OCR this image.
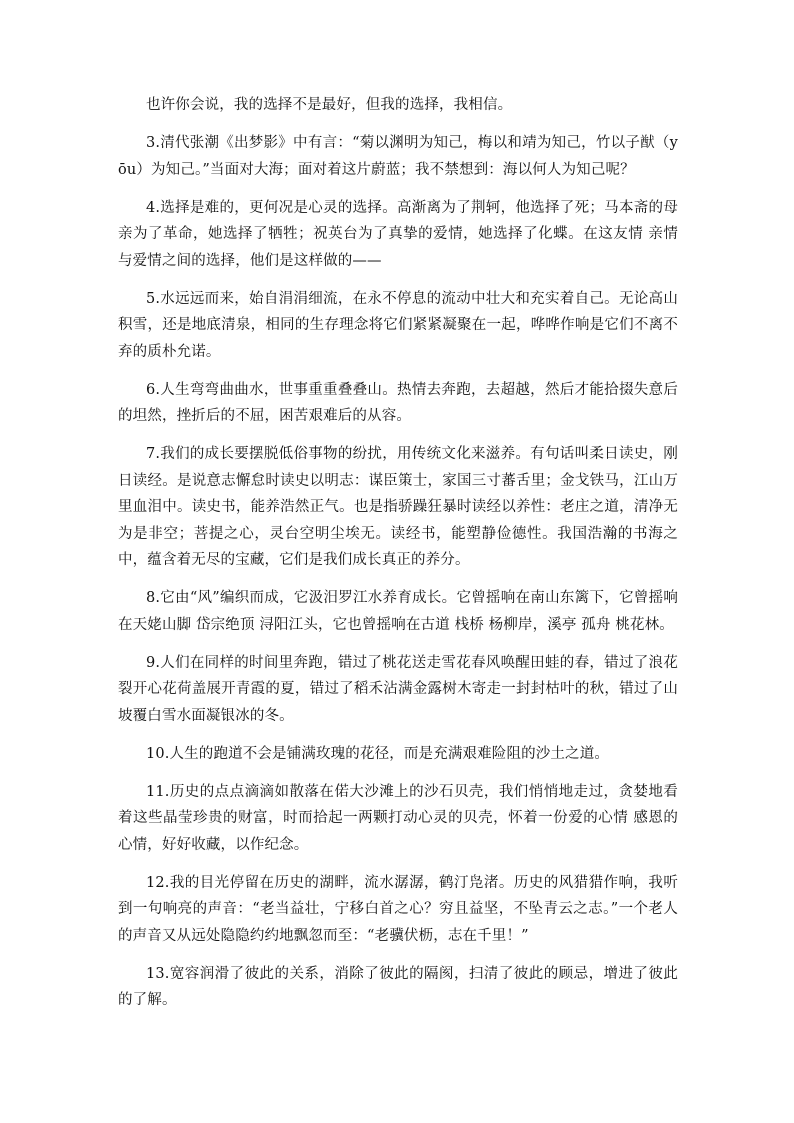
也许你会说，我的选择不是最好，但我的选择，我相信。

3.清代张潮《出梦影》中有言：“菊以渊明为知己，梅以和靖为知己，竹以子猷（yōu）为知己。”当面对大海；面对着这片蔚蓝；我不禁想到：海以何人为知己呢？

4.选择是难的，更何况是心灵的选择。高渐离为了荆轲，他选择了死；马本斋的母亲为了革命，她选择了牺牲；祝英台为了真挚的爱情，她选择了化蝶。在这友情 亲情与爱情之间的选择，他们是这样做的——

5.水远远而来，始自涓涓细流，在永不停息的流动中壮大和充实着自己。无论高山积雪，还是地底清泉，相同的生存理念将它们紧紧凝聚在一起，哗哗作响是它们不离不弃的质朴允诺。

6.人生弯弯曲曲水，世事重重叠叠山。热情去奔跑，去超越，然后才能拾掇失意后的坦然，挫折后的不屈，困苦艰难后的从容。

7.我们的成长要摆脱低俗事物的纷扰，用传统文化来滋养。有句话叫柔日读史，刚日读经。是说意志懈怠时读史以明志：谋臣策士，家国三寸蕃舌里；金戈铁马，江山万里血泪中。读史书，能养浩然正气。也是指骄躁狂暴时读经以养性：老庄之道，清净无为是非空；菩提之心，灵台空明尘埃无。读经书，能塑静俭德性。我国浩瀚的书海之中，蕴含着无尽的宝藏，它们是我们成长真正的养分。

8.它由“风”编织而成，它汲汨罗江水养育成长。它曾摇响在南山东篱下，它曾摇响在天姥山脚 岱宗绝顶 浔阳江头，它也曾摇响在古道 栈桥 杨柳岸，溪亭 孤舟 桃花林。

9.人们在同样的时间里奔跑，错过了桃花送走雪花春风唤醒田蛙的春，错过了浪花裂开心花荷盖展开青霞的夏，错过了稻禾沾满金露树木寄走一封封枯叶的秋，错过了山坡覆白雪水面凝银冰的冬。

10.人生的跑道不会是铺满玫瑰的花径，而是充满艰难险阻的沙土之道。

11.历史的点点滴滴如散落在偌大沙滩上的沙石贝壳，我们悄悄地走过，贪婪地看着这些晶莹珍贵的财富，时而拾起一两颗打动心灵的贝壳，怀着一份爱的心情 感恩的心情，好好收藏，以作纪念。

12.我的目光停留在历史的湖畔，流水潺潺，鹤汀凫渚。历史的风猎猎作响，我听到一句响亮的声音：“老当益壮，宁移白首之心？穷且益坚，不坠青云之志。”一个老人的声音又从远处隐隐约约地飘忽而至：“老骥伏枥，志在千里！”

13.宽容润滑了彼此的关系，消除了彼此的隔阂，扫清了彼此的顾忌，增进了彼此的了解。
